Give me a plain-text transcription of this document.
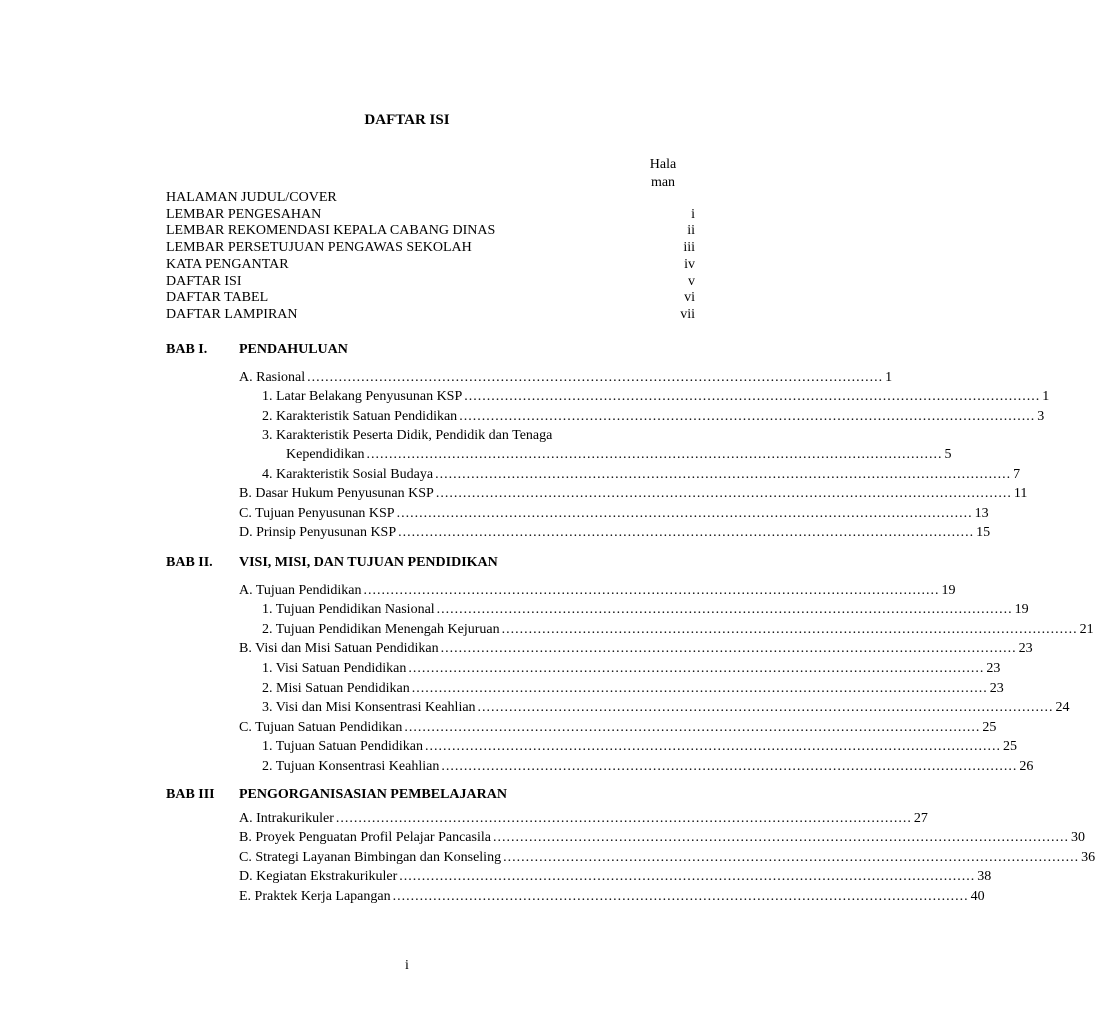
DAFTAR ISI
Hala
man
HALAMAN JUDUL/COVER
LEMBAR PENGESAHAN	i
LEMBAR REKOMENDASI KEPALA CABANG DINAS	ii
LEMBAR PERSETUJUAN PENGAWAS SEKOLAH	iii
KATA PENGANTAR	iv
DAFTAR ISI	v
DAFTAR TABEL	vi
DAFTAR LAMPIRAN	vii
BAB I. PENDAHULUAN
A. Rasional ................................................................................................................................ 1
1. Latar Belakang Penyusunan KSP ................................................................................................................................ 1
2. Karakteristik Satuan Pendidikan ................................................................................................................................ 3
3. Karakteristik Peserta Didik, Pendidik dan Tenaga
Kependidikan ................................................................................................................................ 5
4. Karakteristik Sosial Budaya ................................................................................................................................ 7
B. Dasar Hukum Penyusunan KSP ................................................................................................................................ 11
C. Tujuan Penyusunan KSP ................................................................................................................................ 13
D. Prinsip Penyusunan KSP ................................................................................................................................ 15
BAB II. VISI, MISI, DAN TUJUAN PENDIDIKAN
A. Tujuan Pendidikan ................................................................................................................................ 19
1. Tujuan Pendidikan Nasional ................................................................................................................................ 19
2. Tujuan Pendidikan Menengah Kejuruan ................................................................................................................................ 21
B. Visi dan Misi Satuan Pendidikan ................................................................................................................................ 23
1. Visi Satuan Pendidikan ................................................................................................................................ 23
2. Misi Satuan Pendidikan ................................................................................................................................ 23
3. Visi dan Misi Konsentrasi Keahlian ................................................................................................................................ 24
C. Tujuan Satuan Pendidikan ................................................................................................................................ 25
1. Tujuan Satuan Pendidikan ................................................................................................................................ 25
2. Tujuan Konsentrasi Keahlian ................................................................................................................................ 26
BAB III PENGORGANISASIAN PEMBELAJARAN
A. Intrakurikuler ................................................................................................................................ 27
B. Proyek Penguatan Profil Pelajar Pancasila ................................................................................................................................ 30
C. Strategi Layanan Bimbingan dan Konseling ................................................................................................................................ 36
D. Kegiatan Ekstrakurikuler ................................................................................................................................ 38
E. Praktek Kerja Lapangan ................................................................................................................................ 40
i
